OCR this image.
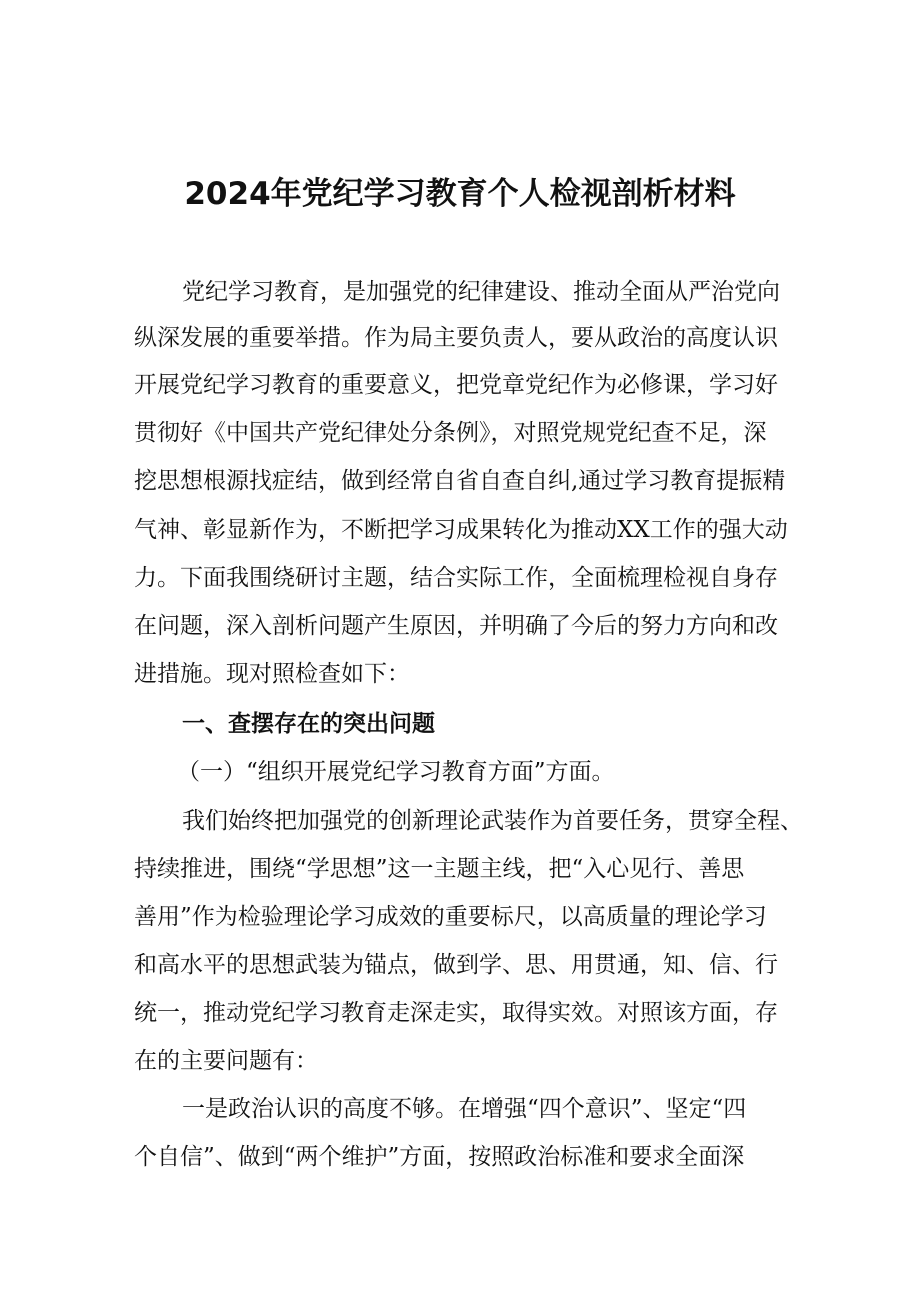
2024年党纪学习教育个人检视剖析材料
党纪学习教育，是加强党的纪律建设、推动全面从严治党向
纵深发展的重要举措。作为局主要负责人，要从政治的高度认识
开展党纪学习教育的重要意义，把党章党纪作为必修课，学习好
贯彻好《中国共产党纪律处分条例》，对照党规党纪查不足，深
挖思想根源找症结，做到经常自省自查自纠,通过学习教育提振精
气神、彰显新作为，不断把学习成果转化为推动XX工作的强大动
力。下面我围绕研讨主题，结合实际工作，全面梳理检视自身存
在问题，深入剖析问题产生原因，并明确了今后的努力方向和改
进措施。现对照检查如下：
一、查摆存在的突出问题
（一）“组织开展党纪学习教育方面”方面。
我们始终把加强党的创新理论武装作为首要任务，贯穿全程、
持续推进，围绕“学思想”这一主题主线，把“入心见行、善思
善用”作为检验理论学习成效的重要标尺，以高质量的理论学习
和高水平的思想武装为锚点，做到学、思、用贯通，知、信、行
统一，推动党纪学习教育走深走实，取得实效。对照该方面，存
在的主要问题有：
一是政治认识的高度不够。在增强“四个意识”、坚定“四
个自信”、做到“两个维护”方面，按照政治标准和要求全面深
